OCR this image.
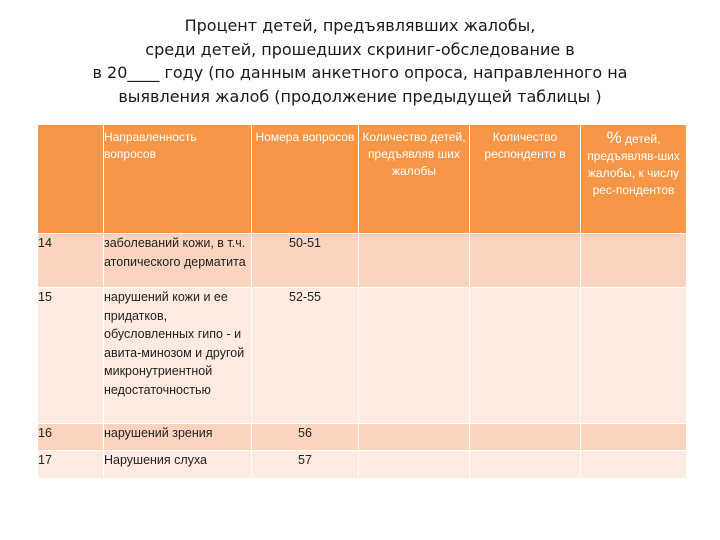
Процент детей, предъявлявших жалобы,
среди детей, прошедших скриниг-обследование в
в 20____ году (по данным анкетного опроса, направленного на
выявления жалоб (продолжение предыдущей таблицы )
	Направленность вопросов	Номера вопросов	Количество детей, предъявляв ших жалобы	Количество респонденто в	% детей, предъявляв-ших жалобы, к числу рес-пондентов
14	заболеваний кожи, в т.ч. атопического дерматита	50-51			
15	нарушений кожи и ее придатков, обусловленных гипо - и авита-минозом и другой микронутриентной недостаточностью	52-55			
16	нарушений зрения	56			
17	Нарушения слуха	57			
